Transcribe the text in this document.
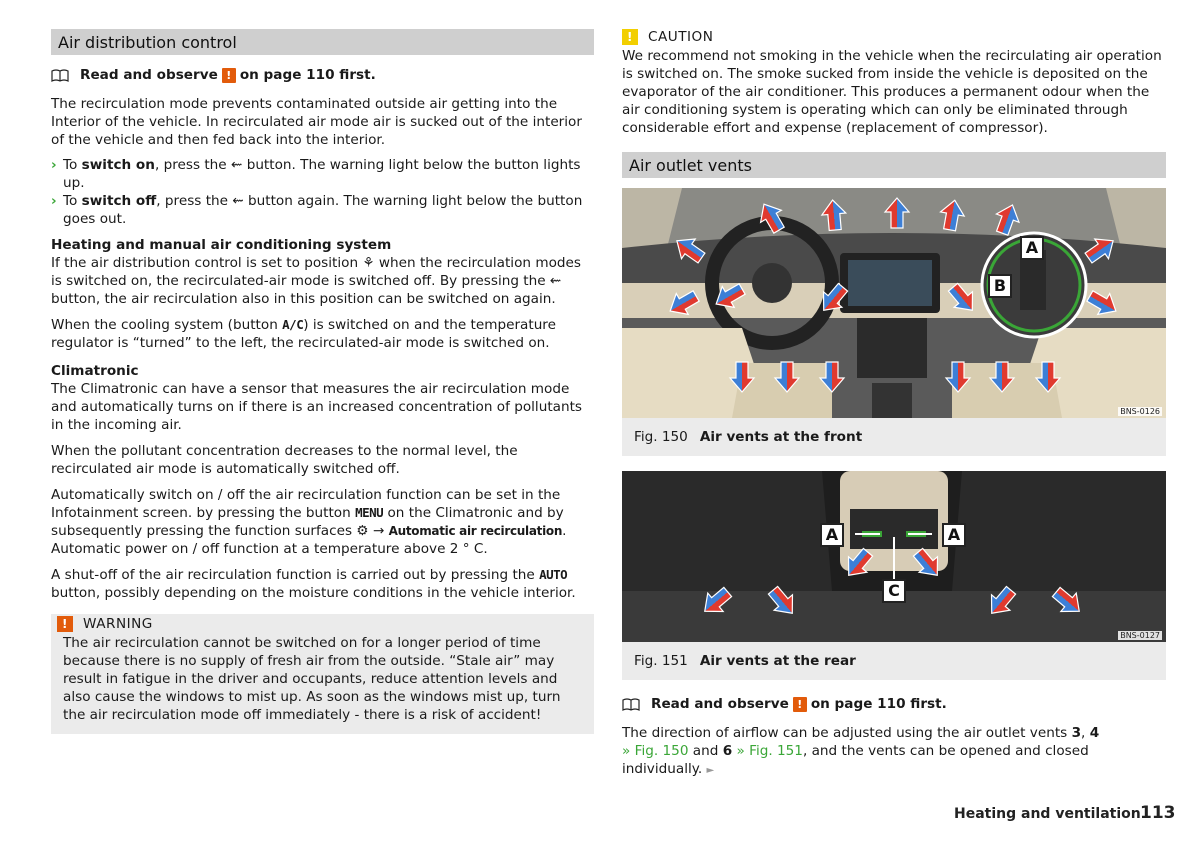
Air distribution control
Read and observe ! on page 110 first.

The recirculation mode prevents contaminated outside air getting into the Interior of the vehicle. In recirculated air mode air is sucked out of the interior of the vehicle and then fed back into the interior.

› To switch on, press the ⇜ button. The warning light below the button lights up.
› To switch off, press the ⇜ button again. The warning light below the button goes out.
Heating and manual air conditioning system

If the air distribution control is set to position ⚘ when the recirculation modes is switched on, the recirculated-air mode is switched off. By pressing the ⇜ button, the air recirculation also in this position can be switched on again.

When the cooling system (button A/C) is switched on and the temperature regulator is “turned” to the left, the recirculated-air mode is switched on.

Climatronic

The Climatronic can have a sensor that measures the air recirculation mode and automatically turns on if there is an increased concentration of pollutants in the incoming air.

When the pollutant concentration decreases to the normal level, the recirculated air mode is automatically switched off.

Automatically switch on / off the air recirculation function can be set in the Infotainment screen. by pressing the button MENU on the Climatronic and by subsequently pressing the function surfaces ⚙ → Automatic air recirculation. Automatic power on / off function at a temperature above 2 ° C.

A shut-off of the air recirculation function is carried out by pressing the AUTO button, possibly depending on the moisture conditions in the vehicle interior.

!	WARNING

The air recirculation cannot be switched on for a longer period of time because there is no supply of fresh air from the outside. “Stale air” may result in fatigue in the driver and occupants, reduce attention levels and also cause the windows to mist up. As soon as the windows mist up, turn the air recirculation mode off immediately - there is a risk of accident!

!	CAUTION

We recommend not smoking in the vehicle when the recirculating air operation is switched on. The smoke sucked from inside the vehicle is deposited on the evaporator of the air conditioner. This produces a permanent odour when the air conditioning system is operating which can only be eliminated through considerable effort and expense (replacement of compressor).

Air outlet vents
A
B
BNS-0126
Fig. 150 Air vents at the front
A	A
C
BNS-0127
Fig. 151 Air vents at the rear
Read and observe ! on page 110 first.

The direction of airflow can be adjusted using the air outlet vents 3, 4
» Fig. 150 and 6 » Fig. 151, and the vents can be opened and closed individually. ►

Heating and ventilation 113
